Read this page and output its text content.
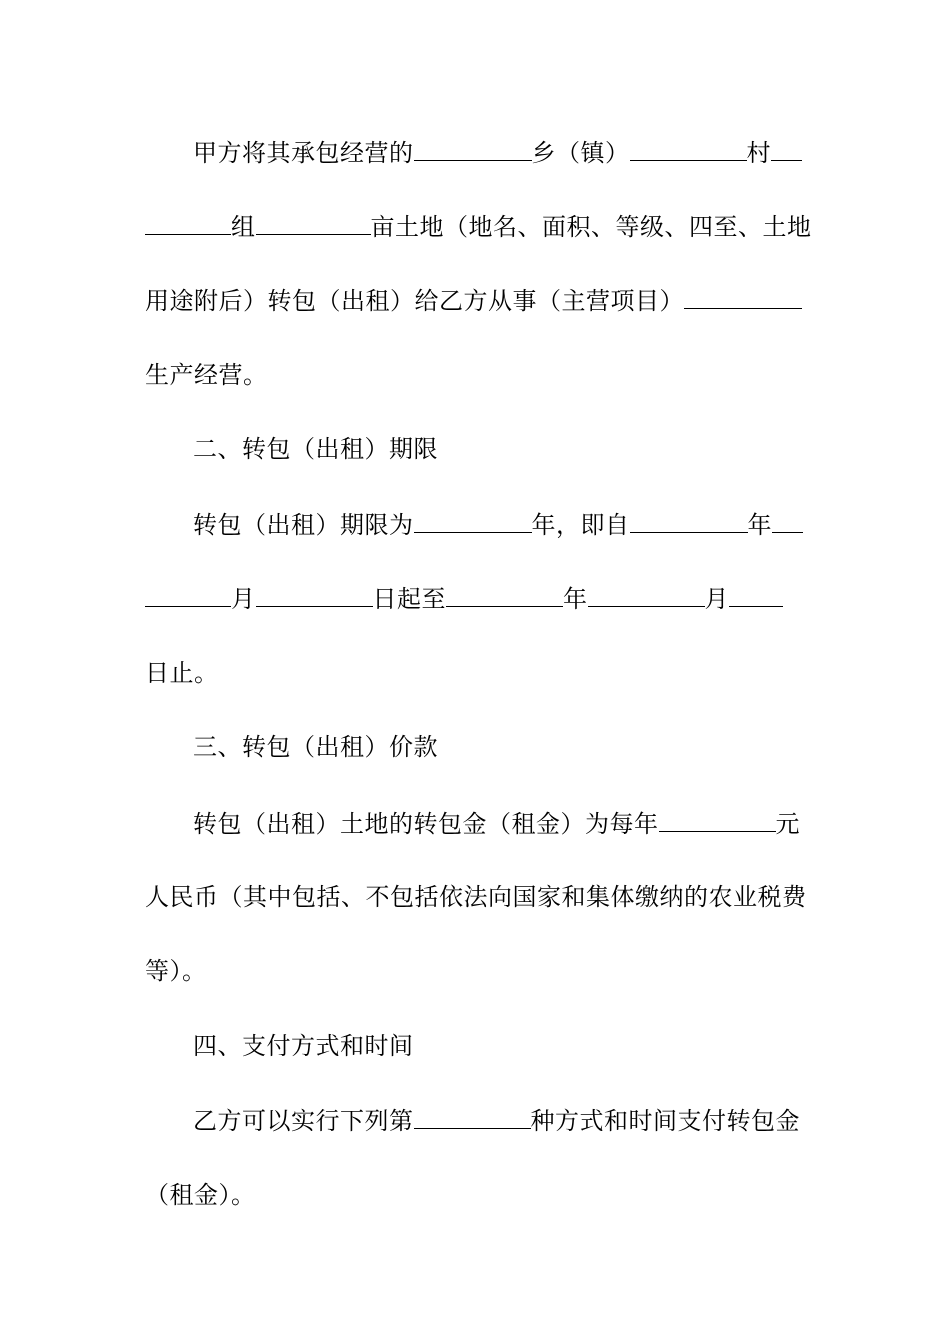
甲方将其承包经营的	乡（镇）	村
组	亩土地（地名、面积、等级、四至、土地
用途附后）转包（出租）给乙方从事（主营项目）
生产经营。
二、转包（出租）期限
转包（出租）期限为	年，即自	年
月	日起至	年	月
日止。
三、转包（出租）价款
转包（出租）土地的转包金（租金）为每年	元
人民币（其中包括、不包括依法向国家和集体缴纳的农业税费
等）。
四、支付方式和时间
乙方可以实行下列第	种方式和时间支付转包金
（租金）。
